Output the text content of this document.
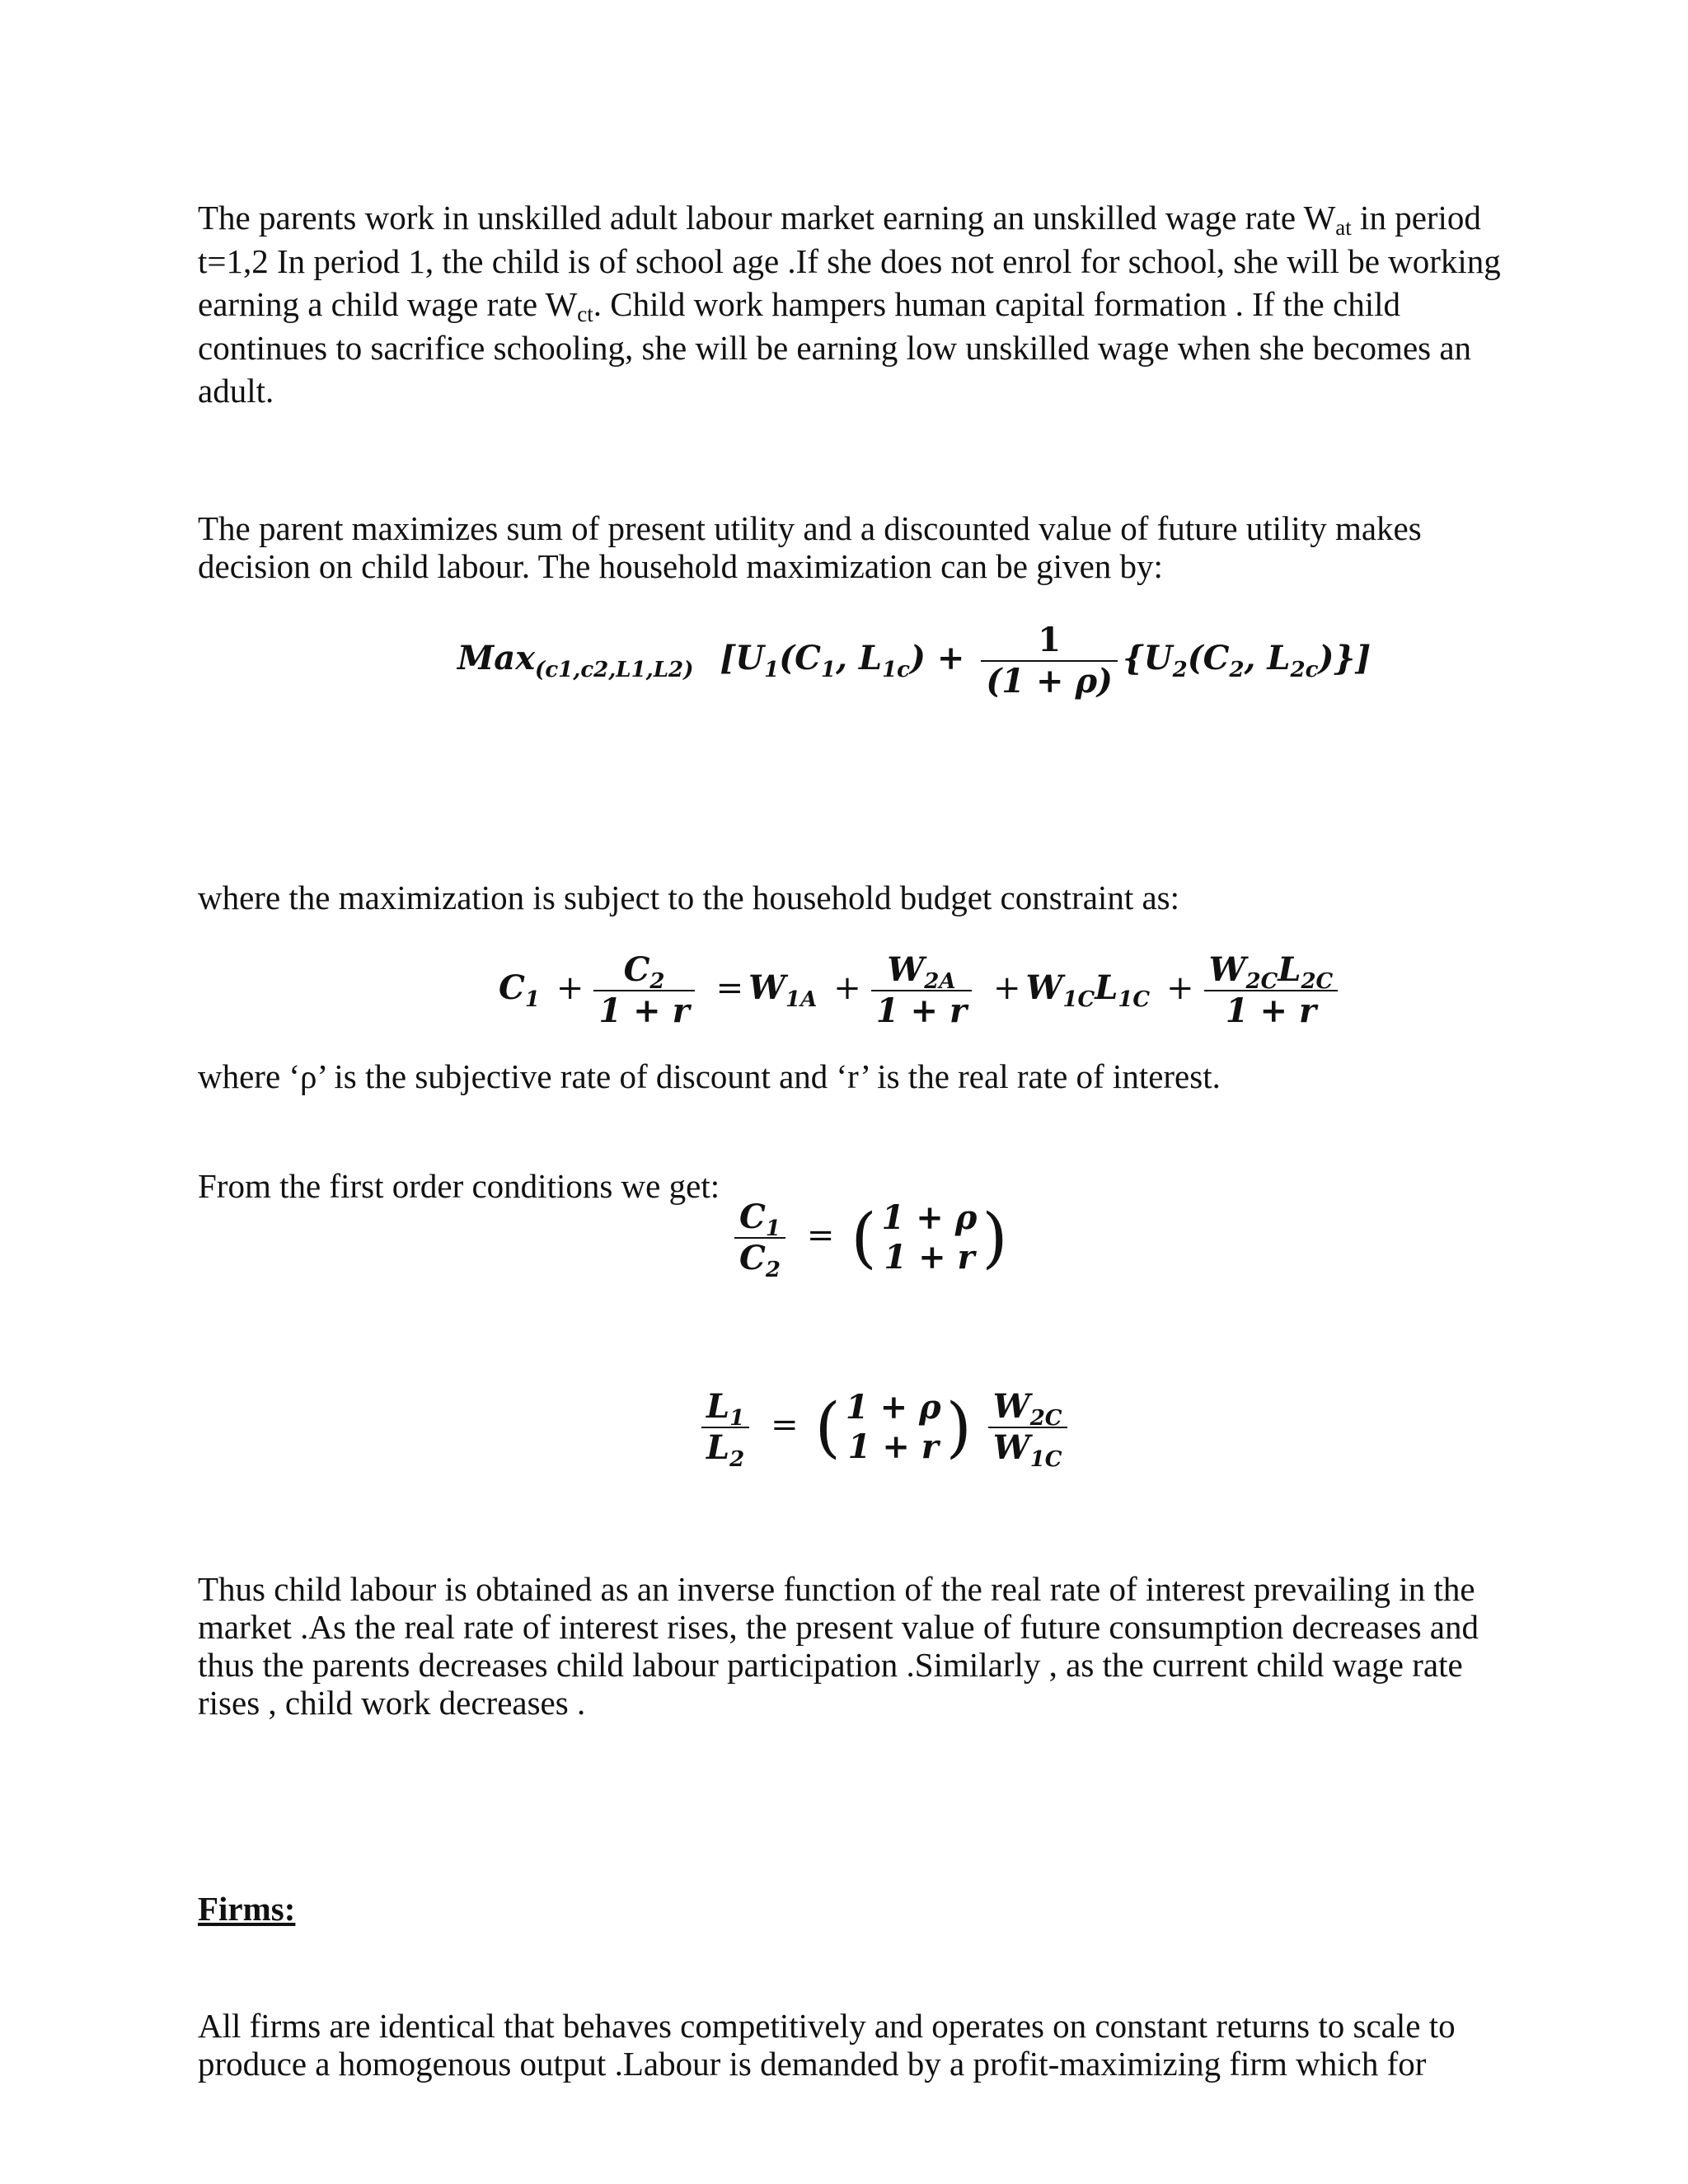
The parents work in unskilled adult labour market earning an unskilled wage rate $W_{at}$ in period t=1,2 In period 1, the child is of school age .If she does not enrol for school, she will be working earning a child wage rate $W_{ct}$. Child work hampers human capital formation . If the child continues to sacrifice schooling, she will be earning low unskilled wage when she becomes an adult.

The parent maximizes sum of present utility and a discounted value of future utility makes decision on child labour. The household maximization can be given by:

Max$_{(c1,c2,L1,L2)}$ [$U_1(C_1$, $L_{1c}) + \frac{1}{(1 + \rho)} \{U_2(C_2$, $L_{2c}$)}]

where the maximization is subject to the household budget constraint as:

$C_1 + \frac{C_2}{1 + r} = W_{1A} + \frac{W_{2A}}{1 + r} + W_{1C}L_{1C} + \frac{W_{2C}L_{2C}}{1 + r}$

where ‘ρ’ is the subjective rate of discount and ‘r’ is the real rate of interest.

From the first order conditions we get:

$\frac{C_1}{C_2}$ = ( 1 + ρ
1 + r )
$\frac{L_1}{L_2}$ = ( 1 + ρ
1 + r ) $\frac{W_{2C}}{W_{1C}}$

Thus child labour is obtained as an inverse function of the real rate of interest prevailing in the market .As the real rate of interest rises, the present value of future consumption decreases and thus the parents decreases child labour participation .Similarly , as the current child wage rate rises , child work decreases .

Firms:

All firms are identical that behaves competitively and operates on constant returns to scale to produce a homogenous output .Labour is demanded by a profit-maximizing firm which for
